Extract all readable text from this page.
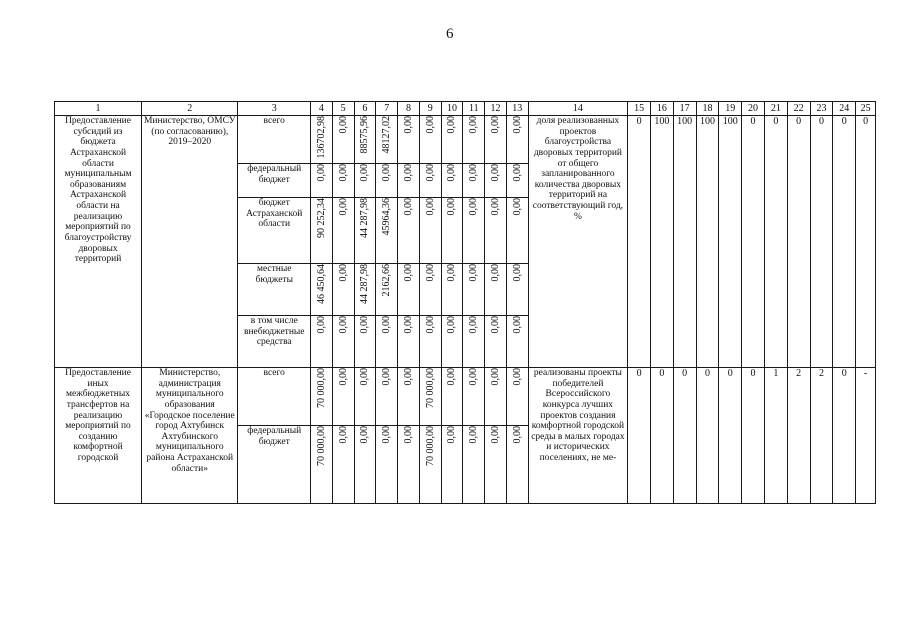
6
1	2	3	4	5	6	7	8	9	10	11	12	13	14	15	16	17	18	19	20	21	22	23	24	25
Предоставление субсидий из бюджета Астраханской области муниципальным образованиям Астраханской области на реализацию мероприятий по благоустройству дворовых территорий	Министерство, ОМСУ (по согласованию), 2019–2020	всего	136702,98	0,00	88575,96	48127,02	0,00	0,00	0,00	0,00	0,00	0,00	доля реализованных проектов благоустройства дворовых территорий от общего запланированного количества дворовых территорий на соответствующий год, %	0	100	100	100	100	0	0	0	0	0	0
		федеральный бюджет	0,00	0,00	0,00	0,00	0,00	0,00	0,00	0,00	0,00	0,00												
		бюджет Астраханской области	90 252,34	0,00	44 287,98	45964,36	0,00	0,00	0,00	0,00	0,00	0,00												
		местные бюджеты	46 450,64	0,00	44 287,98	2162,66	0,00	0,00	0,00	0,00	0,00	0,00												
		в том числе внебюджетные средства	0,00	0,00	0,00	0,00	0,00	0,00	0,00	0,00	0,00	0,00												
Предоставление иных межбюджетных трансфертов на реализацию мероприятий по созданию комфортной городской	Министерство, администрация муниципального образования «Городское поселение город Ахтубинск Ахтубинского муниципального района Астраханской области»	всего	70 000,00	0,00	0,00	0,00	0,00	70 000,00	0,00	0,00	0,00	0,00	реализованы проекты победителей Всероссийского конкурса лучших проектов создания комфортной городской среды в малых городах и исторических поселениях, не ме-	0	0	0	0	0	0	1	2	2	0	-
		федеральный бюджет	70 000,00	0,00	0,00	0,00	0,00	70 000,00	0,00	0,00	0,00	0,00												
